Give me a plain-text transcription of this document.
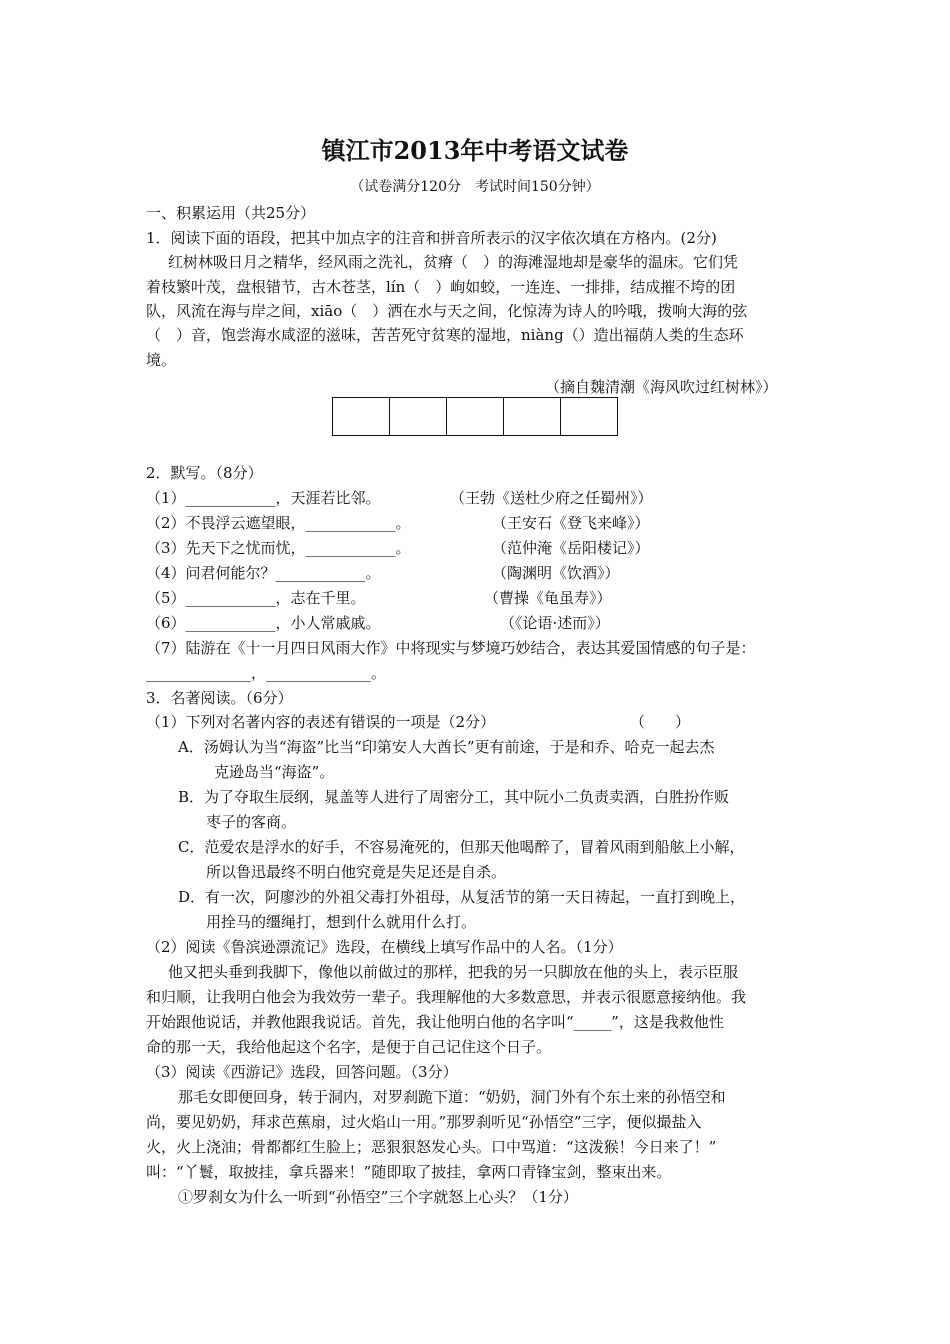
镇江市2013年中考语文试卷
（试卷满分120分　考试时间150分钟）
一、积累运用（共25分）
1．阅读下面的语段，把其中加点字的注音和拼音所表示的汉字依次填在方格内。(2分)
红树林吸日月之精华，经风雨之洗礼，贫瘠（　）的海滩湿地却是豪华的温床。它们凭
着枝繁叶茂，盘根错节，古木苍茎，lín（　）峋如蛟，一连连、一排排，结成摧不垮的团
队，风流在海与岸之间，xiāo（　）洒在水与天之间，化惊涛为诗人的吟哦，拨响大海的弦
（　）音，饱尝海水咸涩的滋味，苦苦死守贫寒的湿地，niàng（）造出福荫人类的生态环
境。
（摘自魏清潮《海风吹过红树林》）
2．默写。（8分）
（1）____________，天涯若比邻。	（王勃《送杜少府之任蜀州》）
（2）不畏浮云遮望眼，____________。	（王安石《登飞来峰》）
（3）先天下之忧而忧，____________。	（范仲淹《岳阳楼记》）
（4）问君何能尔？____________。	（陶渊明《饮酒》）
（5）____________，志在千里。	（曹操《龟虽寿》）
（6）____________，小人常戚戚。	（《论语·述而》）
（7）陆游在《十一月四日风雨大作》中将现实与梦境巧妙结合，表达其爱国情感的句子是：
______________，______________。
3．名著阅读。（6分）
（1）下列对名著内容的表述有错误的一项是（2分）	（　　）
A．汤姆认为当“海盗”比当“印第安人大酋长”更有前途，于是和乔、哈克一起去杰
克逊岛当“海盗”。
B．为了夺取生辰纲，晁盖等人进行了周密分工，其中阮小二负责卖酒，白胜扮作贩
枣子的客商。
C．范爱农是浮水的好手，不容易淹死的，但那天他喝醉了，冒着风雨到船舷上小解，
所以鲁迅最终不明白他究竟是失足还是自杀。
D．有一次，阿廖沙的外祖父毒打外祖母，从复活节的第一天日祷起，一直打到晚上，
用拴马的缰绳打，想到什么就用什么打。
（2）阅读《鲁滨逊漂流记》选段，在横线上填写作品中的人名。（1分）
他又把头垂到我脚下，像他以前做过的那样，把我的另一只脚放在他的头上，表示臣服
和归顺，让我明白他会为我效劳一辈子。我理解他的大多数意思，并表示很愿意接纳他。我
开始跟他说话，并教他跟我说话。首先，我让他明白他的名字叫“_____”，这是我救他性
命的那一天，我给他起这个名字，是便于自己记住这个日子。
（3）阅读《西游记》选段，回答问题。（3分）
那毛女即便回身，转于洞内，对罗刹跪下道：“奶奶，洞门外有个东土来的孙悟空和
尚，要见奶奶，拜求芭蕉扇，过火焰山一用。”那罗刹听见“孙悟空”三字，便似撮盐入
火，火上浇油；骨都都红生脸上；恶狠狠怒发心头。口中骂道：“这泼猴！今日来了！”
叫：“丫鬟，取披挂，拿兵器来！”随即取了披挂，拿两口青锋宝剑，整束出来。
①罗刹女为什么一听到“孙悟空”三个字就怒上心头？（1分）
